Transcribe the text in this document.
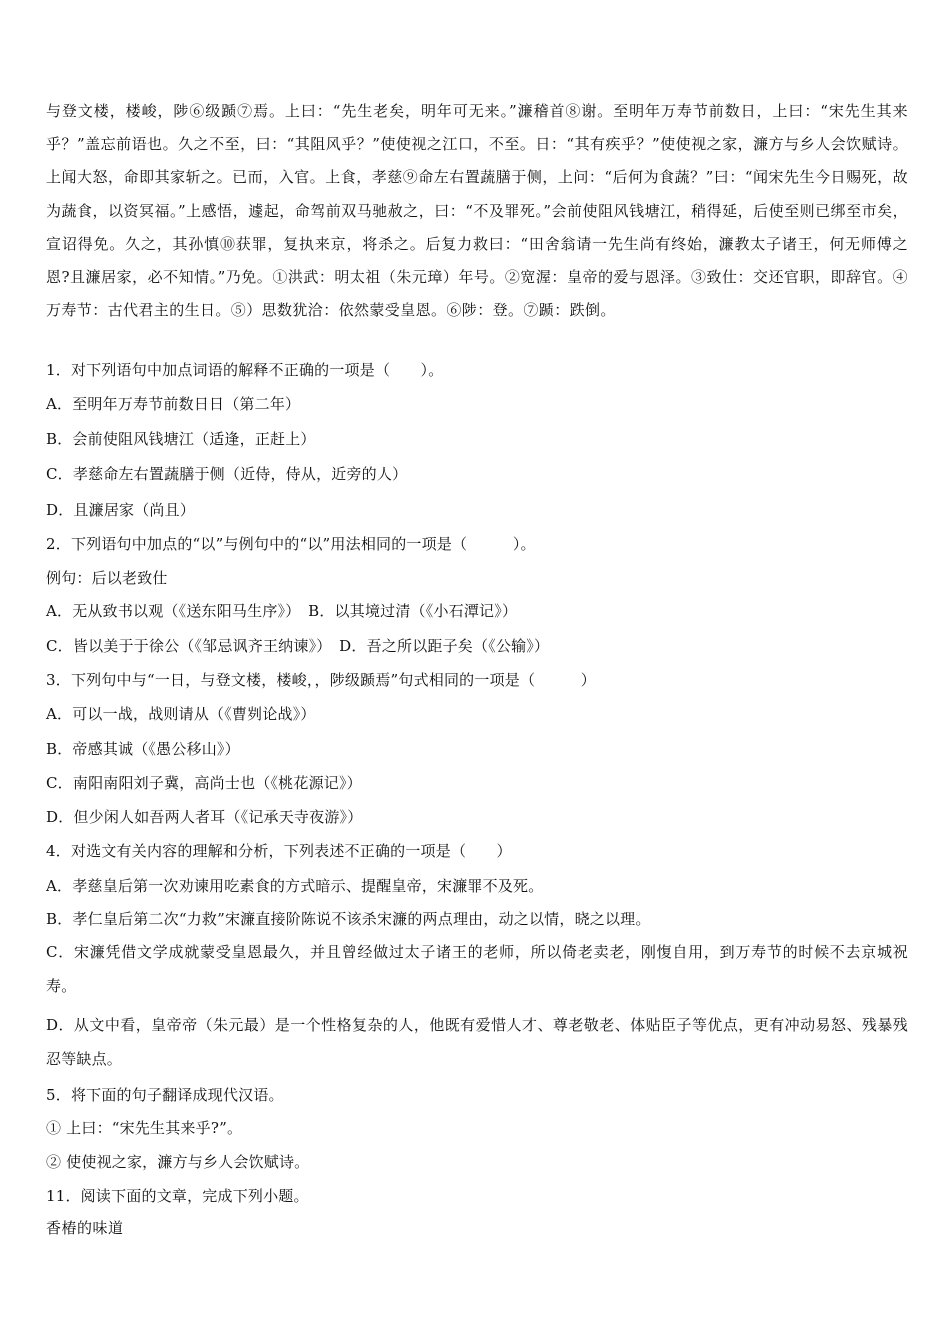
与登文楼，楼峻，陟⑥级踬⑦焉。上曰：“先生老矣，明年可无来。”濂稽首⑧谢。至明年万寿节前数日，上曰：“宋先生其来乎？”盖忘前语也。久之不至，曰：“其阻风乎？”使使视之江口，不至。日：“其有疾乎？”使使视之家，濂方与乡人会饮赋诗。上闻大怒，命即其家斩之。已而，入官。上食，孝慈⑨命左右置蔬膳于侧，上问：“后何为食蔬？”曰：“闻宋先生今日赐死，故为蔬食，以资冥福。”上感悟，遽起，命驾前双马驰赦之，曰：“不及罪死。”会前使阻风钱塘江，稍得延，后使至则已绑至市矣，宣诏得免。久之，其孙慎⑩获罪，复执来京，将杀之。后复力救曰：“田舍翁请一先生尚有终始，濂教太子诸王，何无师傅之恩?且濂居家，必不知情。”乃免。①洪武：明太祖（朱元璋）年号。②宽渥：皇帝的爱与恩泽。③致仕：交还官职，即辞官。④万寿节：古代君主的生日。⑤）思数犹洽：依然蒙受皇恩。⑥陟：登。⑦踬：跌倒。

1．对下列语句中加点词语的解释不正确的一项是（　　）。
A．至明年万寿节前数日日（第二年）
B．会前使阻风钱塘江（适逢，正赶上）
C．孝慈命左右置蔬膳于侧（近侍，侍从，近旁的人）
D．且濂居家（尚且）
2．下列语句中加点的“以”与例句中的“以”用法相同的一项是（　　　）。
例句：后以老致仕
A．无从致书以观（《送东阳马生序》）　B．以其境过清（《小石潭记》）
C．皆以美于于徐公（《邹忌讽齐王纳谏》）　D．吾之所以距子矣（《公输》）
3．下列句中与“一日，与登文楼，楼峻，，陟级踬焉”句式相同的一项是（　　　）
A．可以一战，战则请从（《曹刿论战》）
B．帝感其诚（《愚公移山》）
C．南阳南阳刘子冀，高尚士也（《桃花源记》）
D．但少闲人如吾两人者耳（《记承天寺夜游》）
4．对选文有关内容的理解和分析，下列表述不正确的一项是（　　）
A．孝慈皇后第一次劝谏用吃素食的方式暗示、提醒皇帝，宋濂罪不及死。
B．孝仁皇后第二次“力救”宋濂直接阶陈说不该杀宋濂的两点理由，动之以情，晓之以理。
C．宋濂凭借文学成就蒙受皇恩最久，并且曾经做过太子诸王的老师，所以倚老卖老，刚愎自用，到万寿节的时候不去京城祝寿。
D．从文中看，皇帝帝（朱元最）是一个性格复杂的人，他既有爱惜人才、尊老敬老、体贴臣子等优点，更有冲动易怒、残暴残忍等缺点。
5．将下面的句子翻译成现代汉语。
① 上曰：“宋先生其来乎?”。
② 使使视之家，濂方与乡人会饮赋诗。
11．阅读下面的文章，完成下列小题。
香椿的味道
